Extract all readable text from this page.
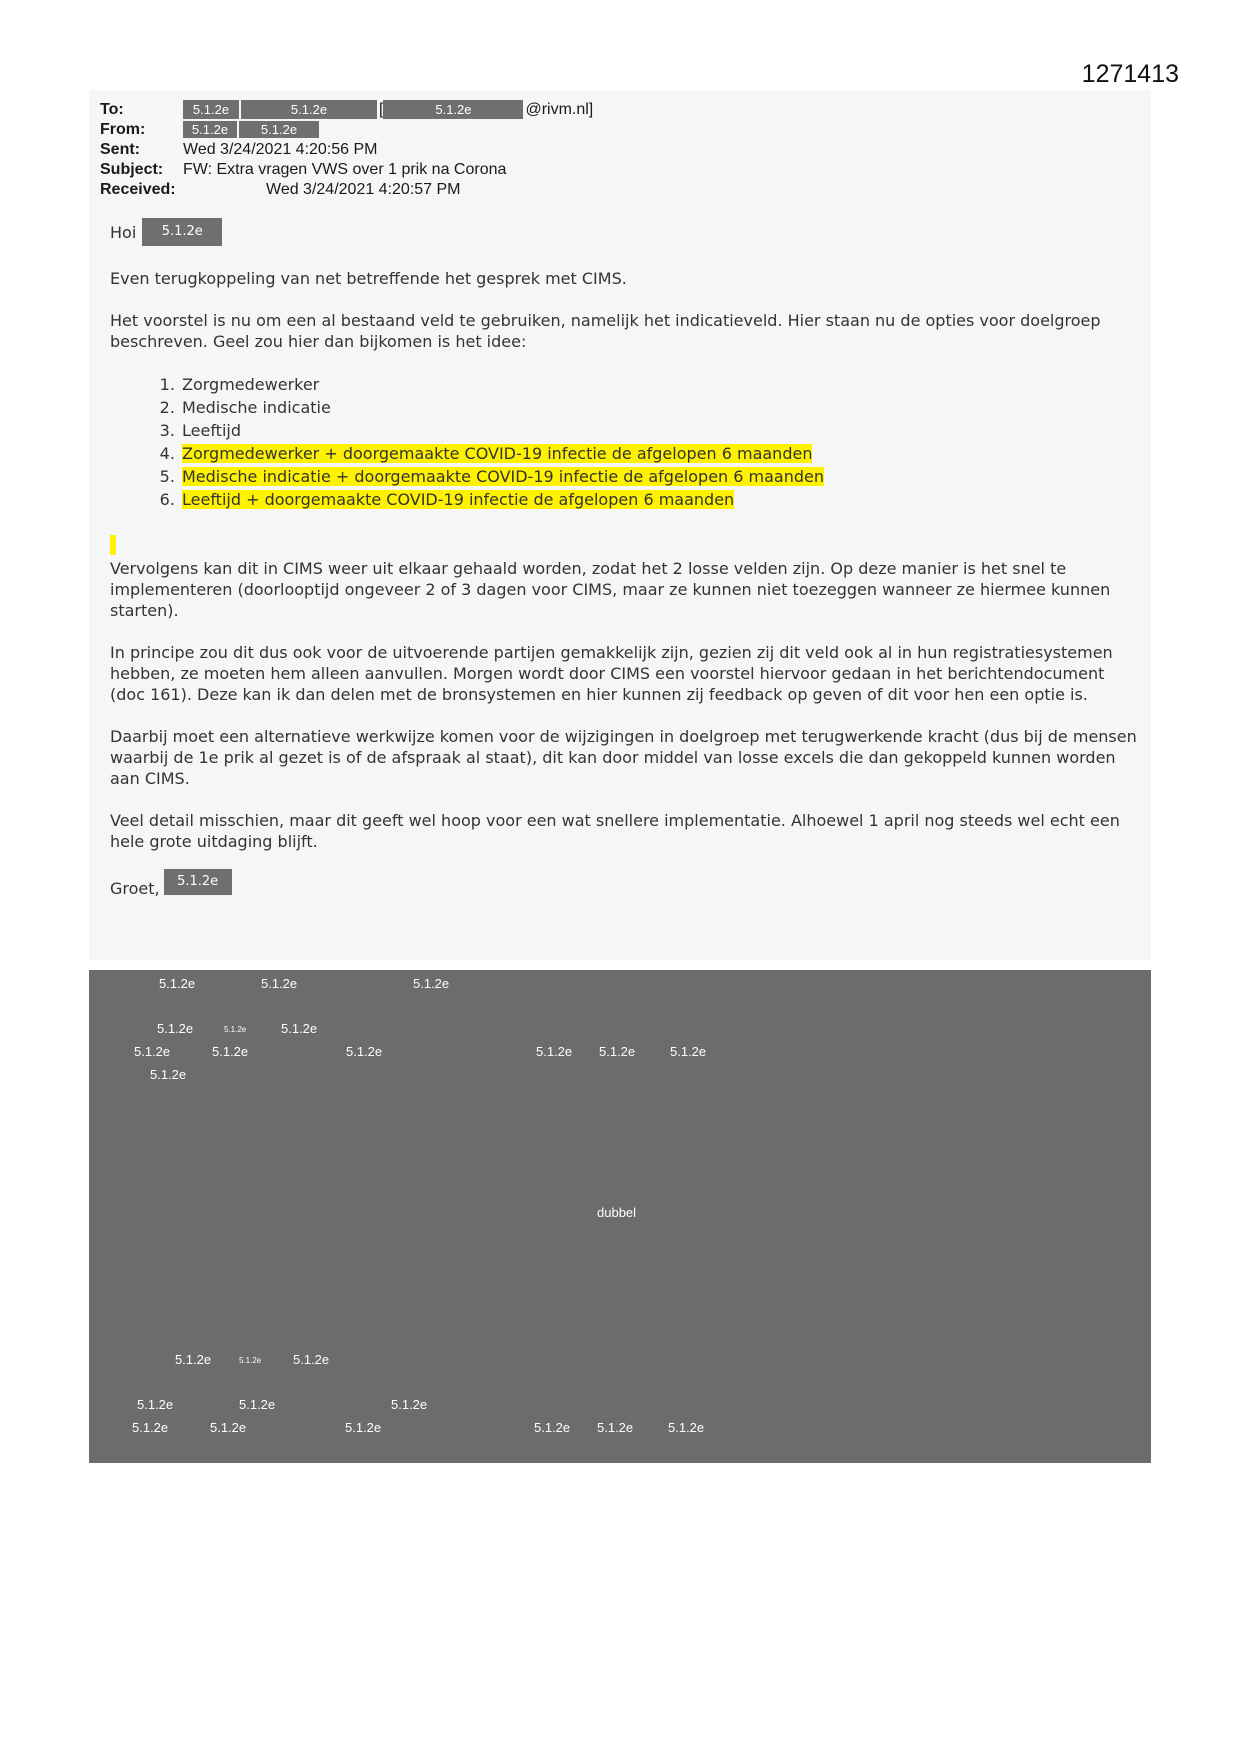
1271413
To:	5.1.2e	5.1.2e	[	5.1.2e	@rivm.nl]
From:	5.1.2e	5.1.2e
Sent:	Wed 3/24/2021 4:20:56 PM
Subject: FW: Extra vragen VWS over 1 prik na Corona
Received:	Wed 3/24/2021 4:20:57 PM
Hoi	5.1.2e

Even terugkoppeling van net betreffende het gesprek met CIMS.

Het voorstel is nu om een al bestaand veld te gebruiken, namelijk het indicatieveld. Hier staan nu de opties voor doelgroep beschreven. Geel zou hier dan bijkomen is het idee:

1. Zorgmedewerker
2. Medische indicatie
3. Leeftijd
4. Zorgmedewerker + doorgemaakte COVID-19 infectie de afgelopen 6 maanden
5. Medische indicatie + doorgemaakte COVID-19 infectie de afgelopen 6 maanden
6. Leeftijd + doorgemaakte COVID-19 infectie de afgelopen 6 maanden

Vervolgens kan dit in CIMS weer uit elkaar gehaald worden, zodat het 2 losse velden zijn. Op deze manier is het snel te implementeren (doorlooptijd ongeveer 2 of 3 dagen voor CIMS, maar ze kunnen niet toezeggen wanneer ze hiermee kunnen starten).

In principe zou dit dus ook voor de uitvoerende partijen gemakkelijk zijn, gezien zij dit veld ook al in hun registratiesystemen hebben, ze moeten hem alleen aanvullen. Morgen wordt door CIMS een voorstel hiervoor gedaan in het berichtendocument (doc 161). Deze kan ik dan delen met de bronsystemen en hier kunnen zij feedback op geven of dit voor hen een optie is.

Daarbij moet een alternatieve werkwijze komen voor de wijzigingen in doelgroep met terugwerkende kracht (dus bij de mensen waarbij de 1e prik al gezet is of de afspraak al staat), dit kan door middel van losse excels die dan gekoppeld kunnen worden aan CIMS.

Veel detail misschien, maar dit geeft wel hoop voor een wat snellere implementatie. Alhoewel 1 april nog steeds wel echt een hele grote uitdaging blijft.

Groet,	5.1.2e
5.1.2e	5.1.2e	5.1.2e
5.1.2e	5.1.2e	5.1.2e
5.1.2e	5.1.2e	5.1.2e	5.1.2e 5.1.2e	5.1.2e
5.1.2e
dubbel
5.1.2e	5.1.2e 5.1.2e
5.1.2e	5.1.2e	5.1.2e
5.1.2e	5.1.2e	5.1.2e	5.1.2e 5.1.2e	5.1.2e
